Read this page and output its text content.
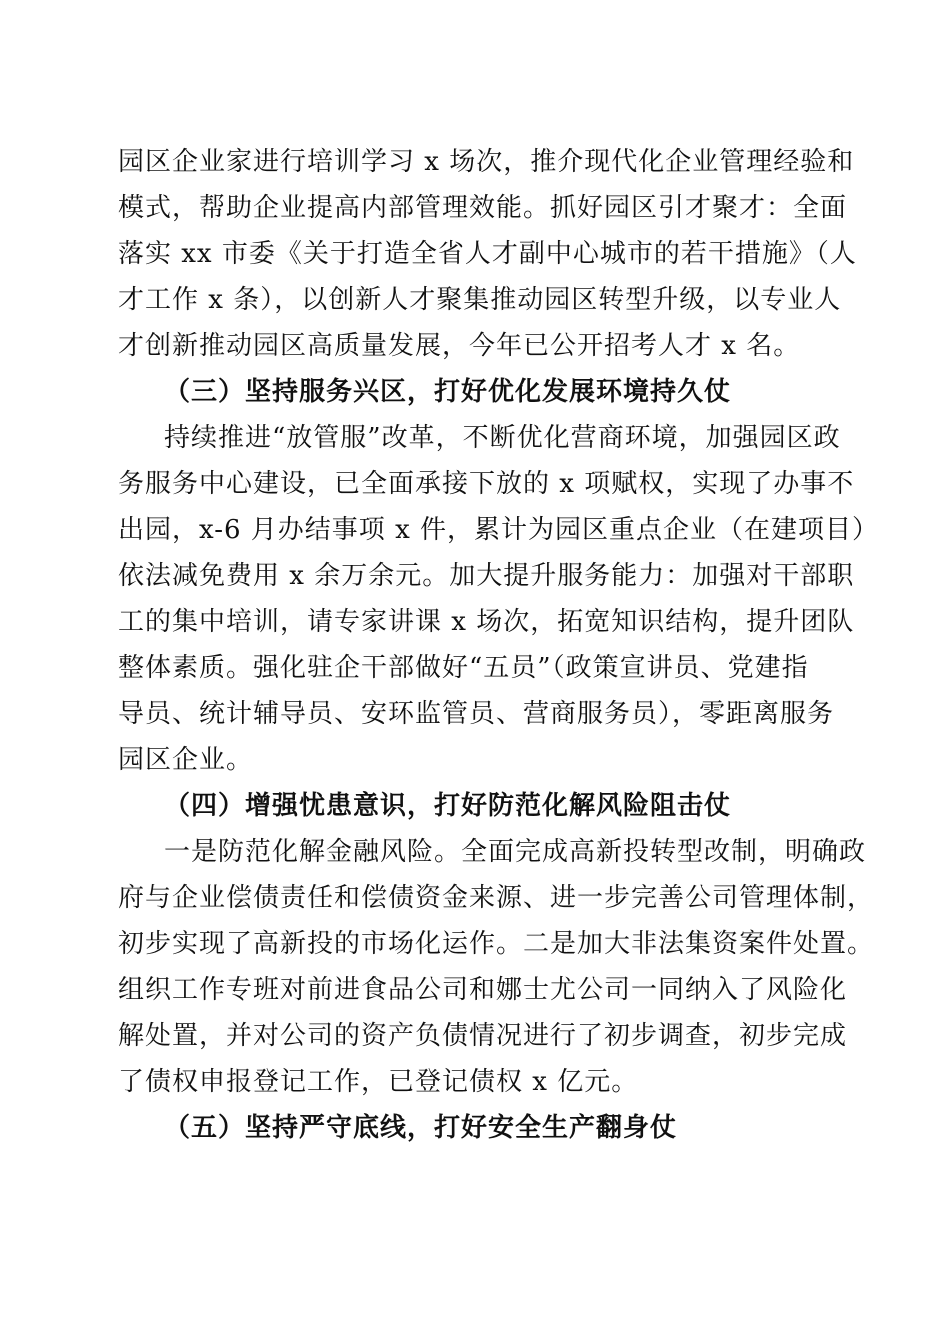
园区企业家进行培训学习 x 场次，推介现代化企业管理经验和
模式，帮助企业提高内部管理效能。抓好园区引才聚才：全面
落实 xx 市委《关于打造全省人才副中心城市的若干措施》（人
才工作 x 条），以创新人才聚集推动园区转型升级，以专业人
才创新推动园区高质量发展，今年已公开招考人才 x 名。
（三）坚持服务兴区，打好优化发展环境持久仗
持续推进“放管服”改革，不断优化营商环境，加强园区政
务服务中心建设，已全面承接下放的 x 项赋权，实现了办事不
出园，x-6 月办结事项 x 件，累计为园区重点企业（在建项目）
依法减免费用 x 余万余元。加大提升服务能力：加强对干部职
工的集中培训，请专家讲课 x 场次，拓宽知识结构，提升团队
整体素质。强化驻企干部做好“五员”（政策宣讲员、党建指
导员、统计辅导员、安环监管员、营商服务员），零距离服务
园区企业。
（四）增强忧患意识，打好防范化解风险阻击仗
一是防范化解金融风险。全面完成高新投转型改制，明确政
府与企业偿债责任和偿债资金来源、进一步完善公司管理体制，
初步实现了高新投的市场化运作。二是加大非法集资案件处置。
组织工作专班对前进食品公司和娜士尤公司一同纳入了风险化
解处置，并对公司的资产负债情况进行了初步调查，初步完成
了债权申报登记工作，已登记债权 x 亿元。
（五）坚持严守底线，打好安全生产翻身仗
